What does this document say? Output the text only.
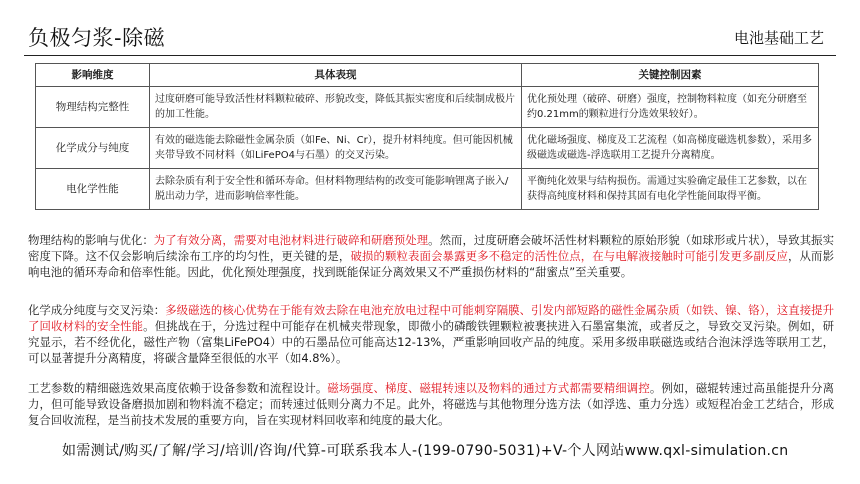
负极匀浆-除磁	电池基础工艺
影响维度	具体表现	关键控制因素
物理结构完整性	过度研磨可能导致活性材料颗粒破碎、形貌改变，降低其振实密度和后续制成极片的加工性能。	优化预处理（破碎、研磨）强度，控制物料粒度（如充分研磨至约0.21mm的颗粒进行分选效果较好）。
化学成分与纯度	有效的磁选能去除磁性金属杂质（如Fe、Ni、Cr），提升材料纯度。但可能因机械夹带导致不同材料（如LiFePO4与石墨）的交叉污染。	优化磁场强度、梯度及工艺流程（如高梯度磁选机参数），采用多级磁选或磁选-浮选联用工艺提升分离精度。
电化学性能	去除杂质有利于安全性和循环寿命。但材料物理结构的改变可能影响锂离子嵌入/脱出动力学，进而影响倍率性能。	平衡纯化效果与结构损伤。需通过实验确定最佳工艺参数，以在获得高纯度材料和保持其固有电化学性能间取得平衡。

物理结构的影响与优化：为了有效分离，需要对电池材料进行破碎和研磨预处理。然而，过度研磨会破坏活性材料颗粒的原始形貌（如球形或片状），导致其振实密度下降。这不仅会影响后续涂布工序的均匀性，更关键的是，破损的颗粒表面会暴露更多不稳定的活性位点，在与电解液接触时可能引发更多副反应，从而影响电池的循环寿命和倍率性能。因此，优化预处理强度，找到既能保证分离效果又不严重损伤材料的“甜蜜点”至关重要。

化学成分纯度与交叉污染：多级磁选的核心优势在于能有效去除在电池充放电过程中可能刺穿隔膜、引发内部短路的磁性金属杂质（如铁、镍、铬），这直接提升了回收材料的安全性能。但挑战在于，分选过程中可能存在机械夹带现象，即微小的磷酸铁锂颗粒被裹挟进入石墨富集流，或者反之，导致交叉污染。例如，研究显示，若不经优化，磁性产物（富集LiFePO4）中的石墨品位可能高达12-13%，严重影响回收产品的纯度。采用多级串联磁选或结合泡沫浮选等联用工艺，可以显著提升分离精度，将碳含量降至很低的水平（如4.8%）。

工艺参数的精细磁选效果高度依赖于设备参数和流程设计。磁场强度、梯度、磁辊转速以及物料的通过方式都需要精细调控。例如，磁辊转速过高虽能提升分离力，但可能导致设备磨损加剧和物料流不稳定；而转速过低则分离力不足。此外，将磁选与其他物理分选方法（如浮选、重力分选）或短程冶金工艺结合，形成复合回收流程，是当前技术发展的重要方向，旨在实现材料回收率和纯度的最大化。

如需测试/购买/了解/学习/培训/咨询/代算-可联系我本人-(199-0790-5031)+V-个人网站www.qxl-simulation.cn
